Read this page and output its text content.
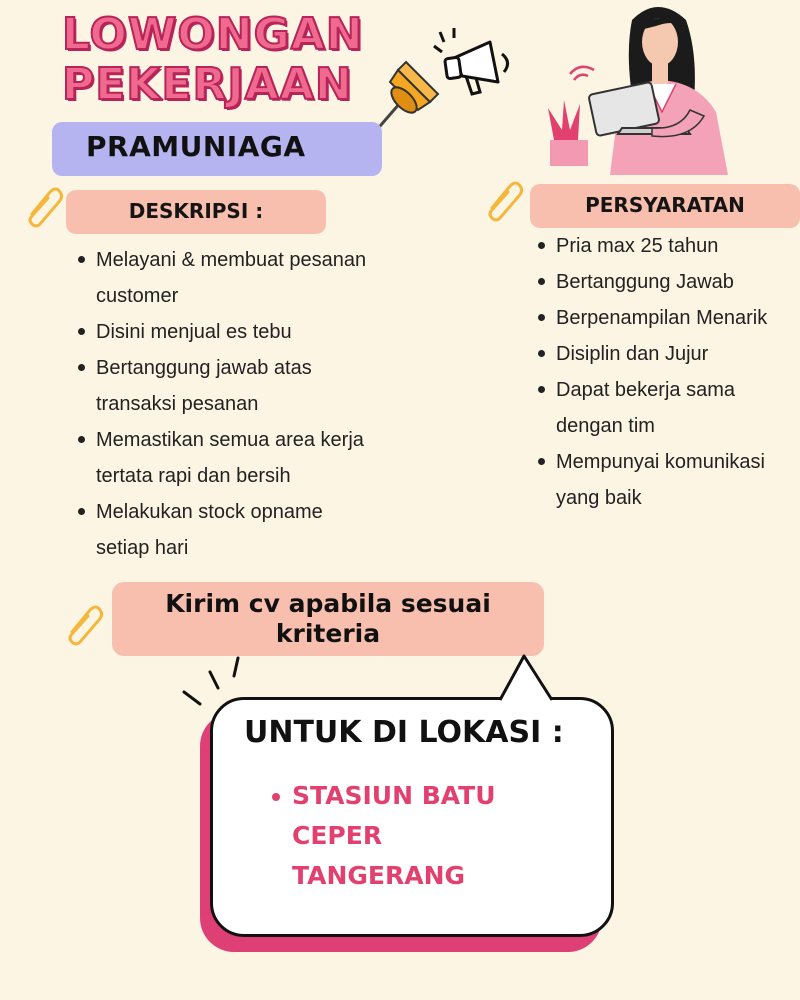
LOWONGAN
PEKERJAAN
PRAMUNIAGA
DESKRIPSI :
Melayani & membuat pesanan customer
Disini menjual es tebu
Bertanggung jawab atas transaksi pesanan
Memastikan semua area kerja tertata rapi dan bersih
Melakukan stock opname setiap hari
PERSYARATAN
Pria max 25 tahun
Bertanggung Jawab
Berpenampilan Menarik
Disiplin dan Jujur
Dapat bekerja sama dengan tim
Mempunyai komunikasi yang baik
Kirim cv apabila sesuai
kriteria
UNTUK DI LOKASI :
STASIUN BATU
CEPER
TANGERANG
